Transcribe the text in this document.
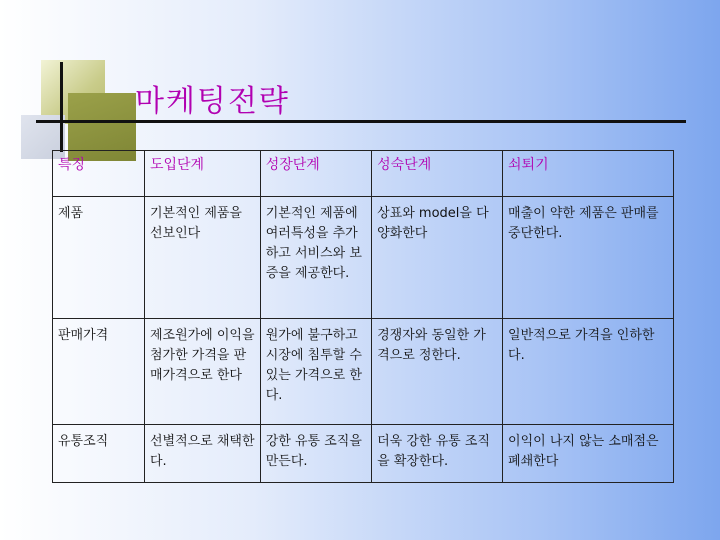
마케팅전략
특징	도입단계	성장단계	성숙단계	쇠퇴기
제품	기본적인 제품을 선보인다	기본적인 제품에 여러특성을 추가하고 서비스와 보증을 제공한다.	상표와 model을 다양화한다	매출이 약한 제품은 판매를 중단한다.
판매가격	제조원가에 이익을 첨가한 가격을 판매가격으로 한다	원가에 불구하고 시장에 침투할 수 있는 가격으로 한다.	경쟁자와 동일한 가격으로 정한다.	일반적으로 가격을 인하한다.
유통조직	선별적으로 채택한다.	강한 유통 조직을 만든다.	더욱 강한 유통 조직을 확장한다.	이익이 나지 않는 소매점은 폐쇄한다
